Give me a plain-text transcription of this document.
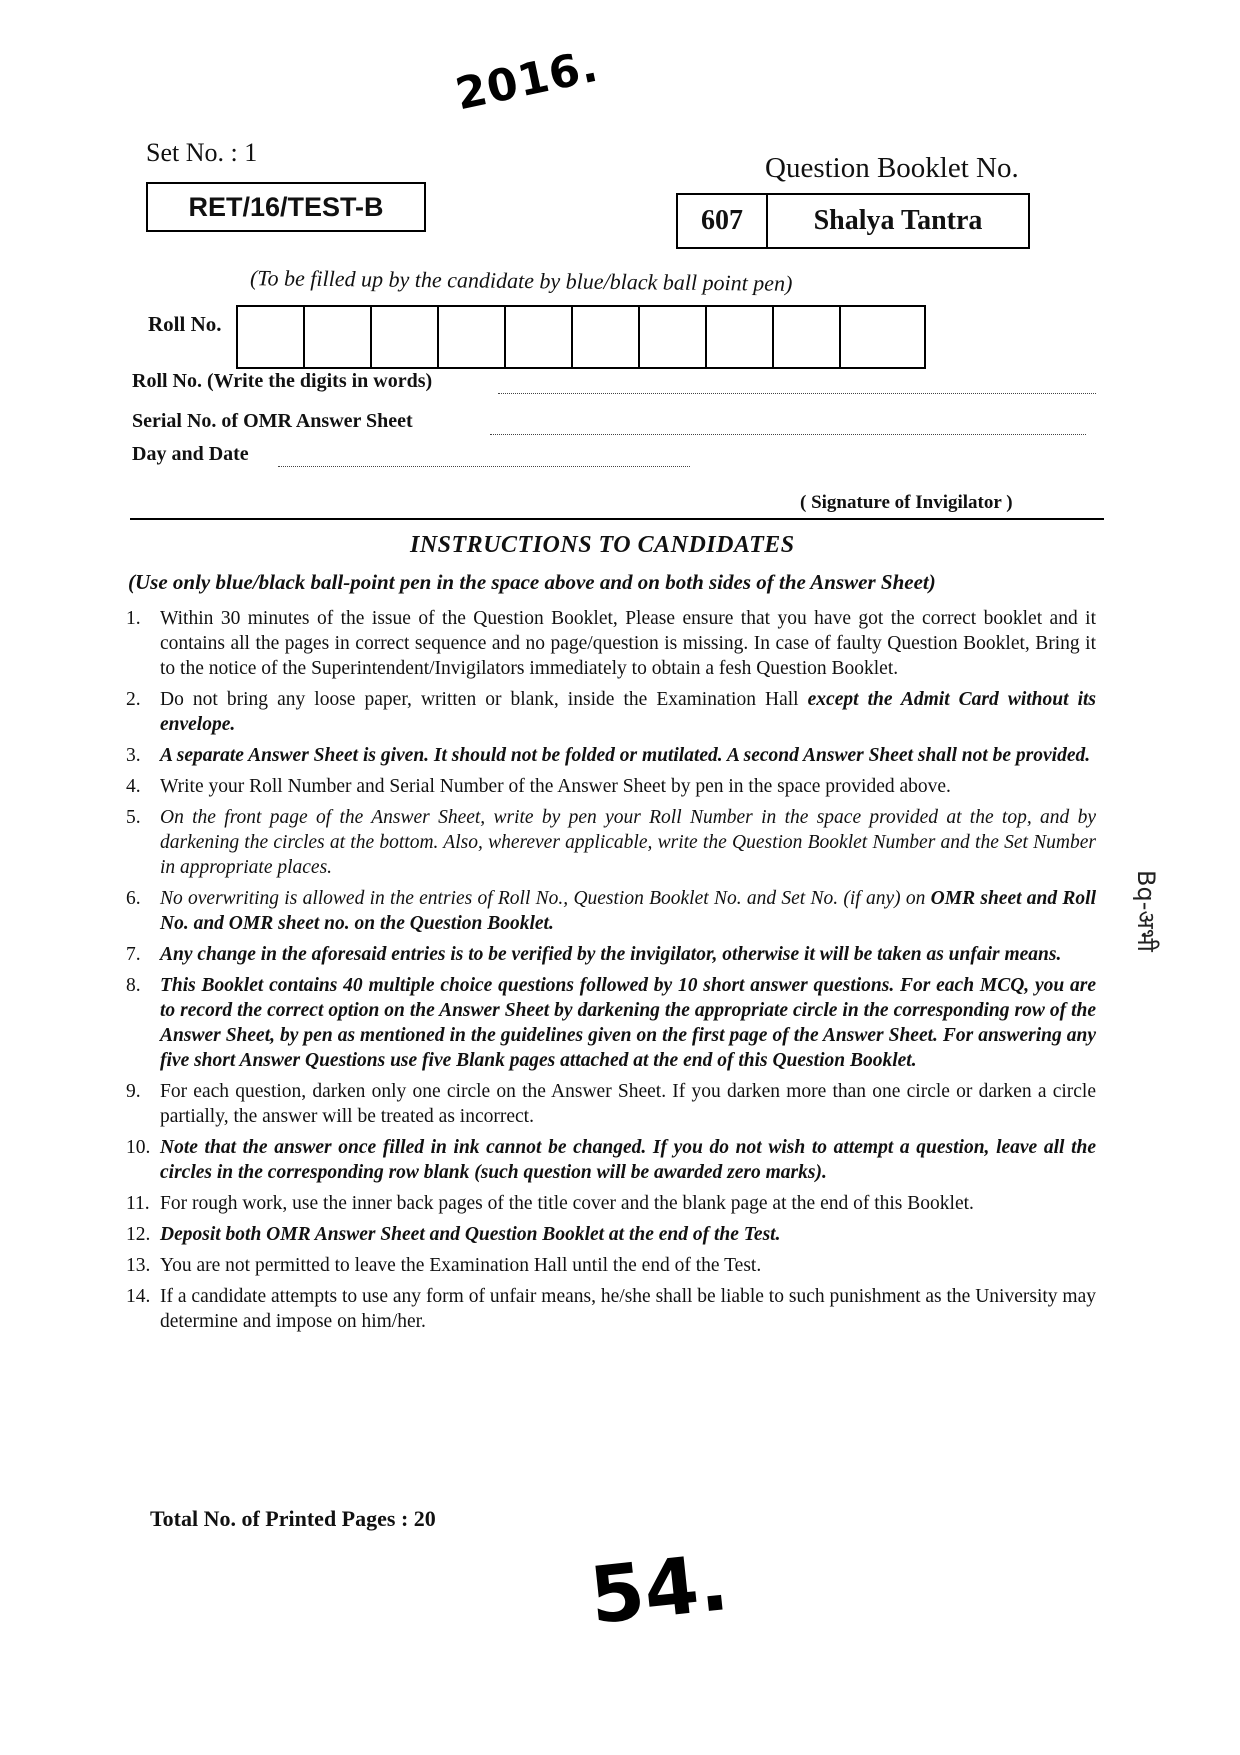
2016.
Set No. : 1
RET/16/TEST-B
Question Booklet No.
607	Shalya Tantra
(To be filled up by the candidate by blue/black ball point pen)
Roll No.
Roll No. (Write the digits in words)
Serial No. of OMR Answer Sheet
Day and Date
( Signature of Invigilator )
INSTRUCTIONS TO CANDIDATES
(Use only blue/black ball-point pen in the space above and on both sides of the Answer Sheet)
1. Within 30 minutes of the issue of the Question Booklet, Please ensure that you have got the correct booklet and it contains all the pages in correct sequence and no page/question is missing. In case of faulty Question Booklet, Bring it to the notice of the Superintendent/Invigilators immediately to obtain a fesh Question Booklet.
2. Do not bring any loose paper, written or blank, inside the Examination Hall except the Admit Card without its envelope.
3. A separate Answer Sheet is given. It should not be folded or mutilated. A second Answer Sheet shall not be provided.
4. Write your Roll Number and Serial Number of the Answer Sheet by pen in the space provided above.
5. On the front page of the Answer Sheet, write by pen your Roll Number in the space provided at the top, and by darkening the circles at the bottom. Also, wherever applicable, write the Question Booklet Number and the Set Number in appropriate places.
6. No overwriting is allowed in the entries of Roll No., Question Booklet No. and Set No. (if any) on OMR sheet and Roll No. and OMR sheet no. on the Question Booklet.
7. Any change in the aforesaid entries is to be verified by the invigilator, otherwise it will be taken as unfair means.
8. This Booklet contains 40 multiple choice questions followed by 10 short answer questions. For each MCQ, you are to record the correct option on the Answer Sheet by darkening the appropriate circle in the corresponding row of the Answer Sheet, by pen as mentioned in the guidelines given on the first page of the Answer Sheet. For answering any five short Answer Questions use five Blank pages attached at the end of this Question Booklet.
9. For each question, darken only one circle on the Answer Sheet. If you darken more than one circle or darken a circle partially, the answer will be treated as incorrect.
10. Note that the answer once filled in ink cannot be changed. If you do not wish to attempt a question, leave all the circles in the corresponding row blank (such question will be awarded zero marks).
11. For rough work, use the inner back pages of the title cover and the blank page at the end of this Booklet.
12. Deposit both OMR Answer Sheet and Question Booklet at the end of the Test.
13. You are not permitted to leave the Examination Hall until the end of the Test.
14. If a candidate attempts to use any form of unfair means, he/she shall be liable to such punishment as the University may determine and impose on him/her.
Total No. of Printed Pages : 20
54.
Bq-अभी
